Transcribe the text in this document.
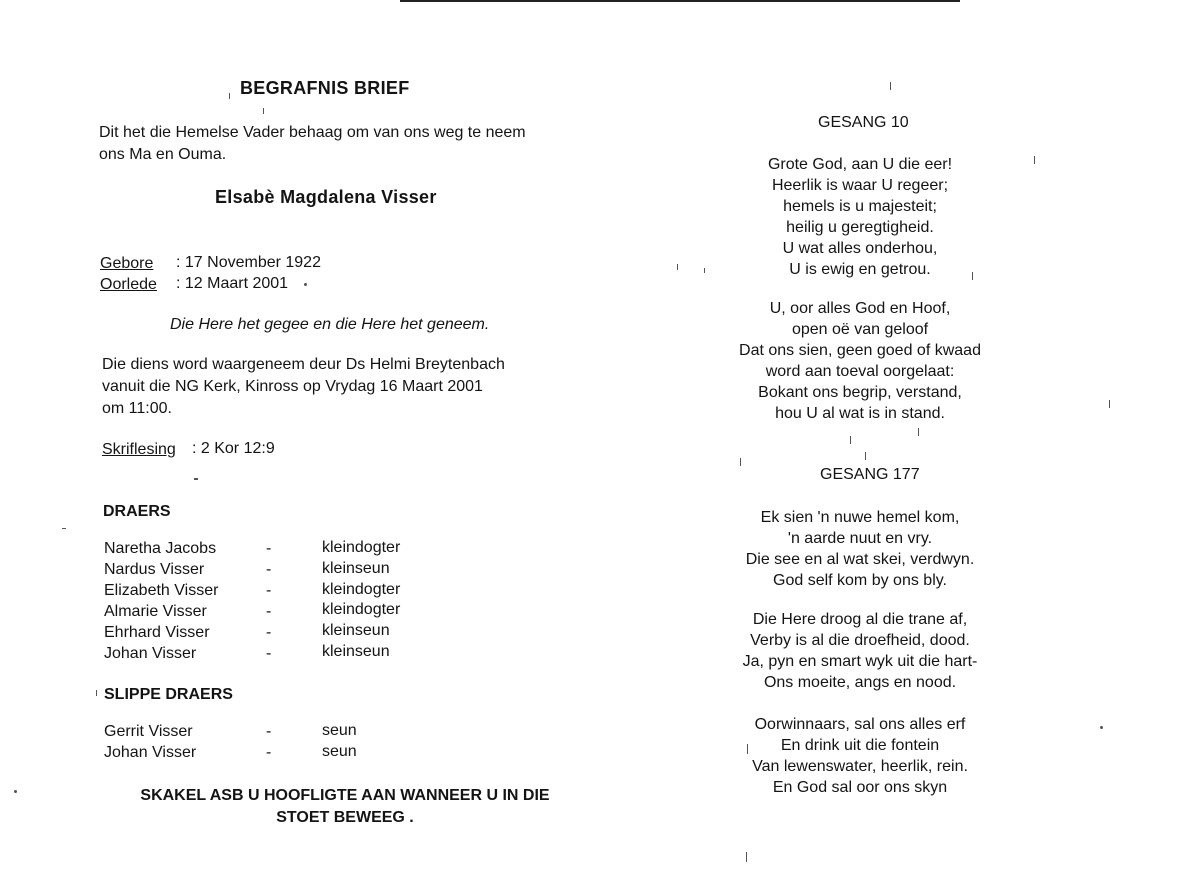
BEGRAFNIS BRIEF
Dit het die Hemelse Vader behaag om van ons weg te neem
ons Ma en Ouma.
Elsabè Magdalena Visser
Gebore : 17 November 1922
Oorlede : 12 Maart 2001
Die Here het gegee en die Here het geneem.
Die diens word waargeneem deur Ds Helmi Breytenbach
vanuit die NG Kerk, Kinross op Vrydag 16 Maart 2001
om 11:00.
Skriflesing : 2 Kor 12:9
DRAERS
Naretha Jacobs	-	kleindogter
Nardus Visser	-	kleinseun
Elizabeth Visser	-	kleindogter
Almarie Visser	-	kleindogter
Ehrhard Visser	-	kleinseun
Johan Visser	-	kleinseun
SLIPPE DRAERS
Gerrit Visser	-	seun
Johan Visser	-	seun
SKAKEL ASB U HOOFLIGTE AAN WANNEER U IN DIE
STOET BEWEEG .
GESANG 10
Grote God, aan U die eer!
Heerlik is waar U regeer;
hemels is u majesteit;
heilig u geregtigheid.
U wat alles onderhou,
U is ewig en getrou.
U, oor alles God en Hoof,
open oë van geloof
Dat ons sien, geen goed of kwaad
word aan toeval oorgelaat:
Bokant ons begrip, verstand,
hou U al wat is in stand.
GESANG 177
Ek sien 'n nuwe hemel kom,
'n aarde nuut en vry.
Die see en al wat skei, verdwyn.
God self kom by ons bly.
Die Here droog al die trane af,
Verby is al die droefheid, dood.
Ja, pyn en smart wyk uit die hart-
Ons moeite, angs en nood.
Oorwinnaars, sal ons alles erf
En drink uit die fontein
Van lewenswater, heerlik, rein.
En God sal oor ons skyn
